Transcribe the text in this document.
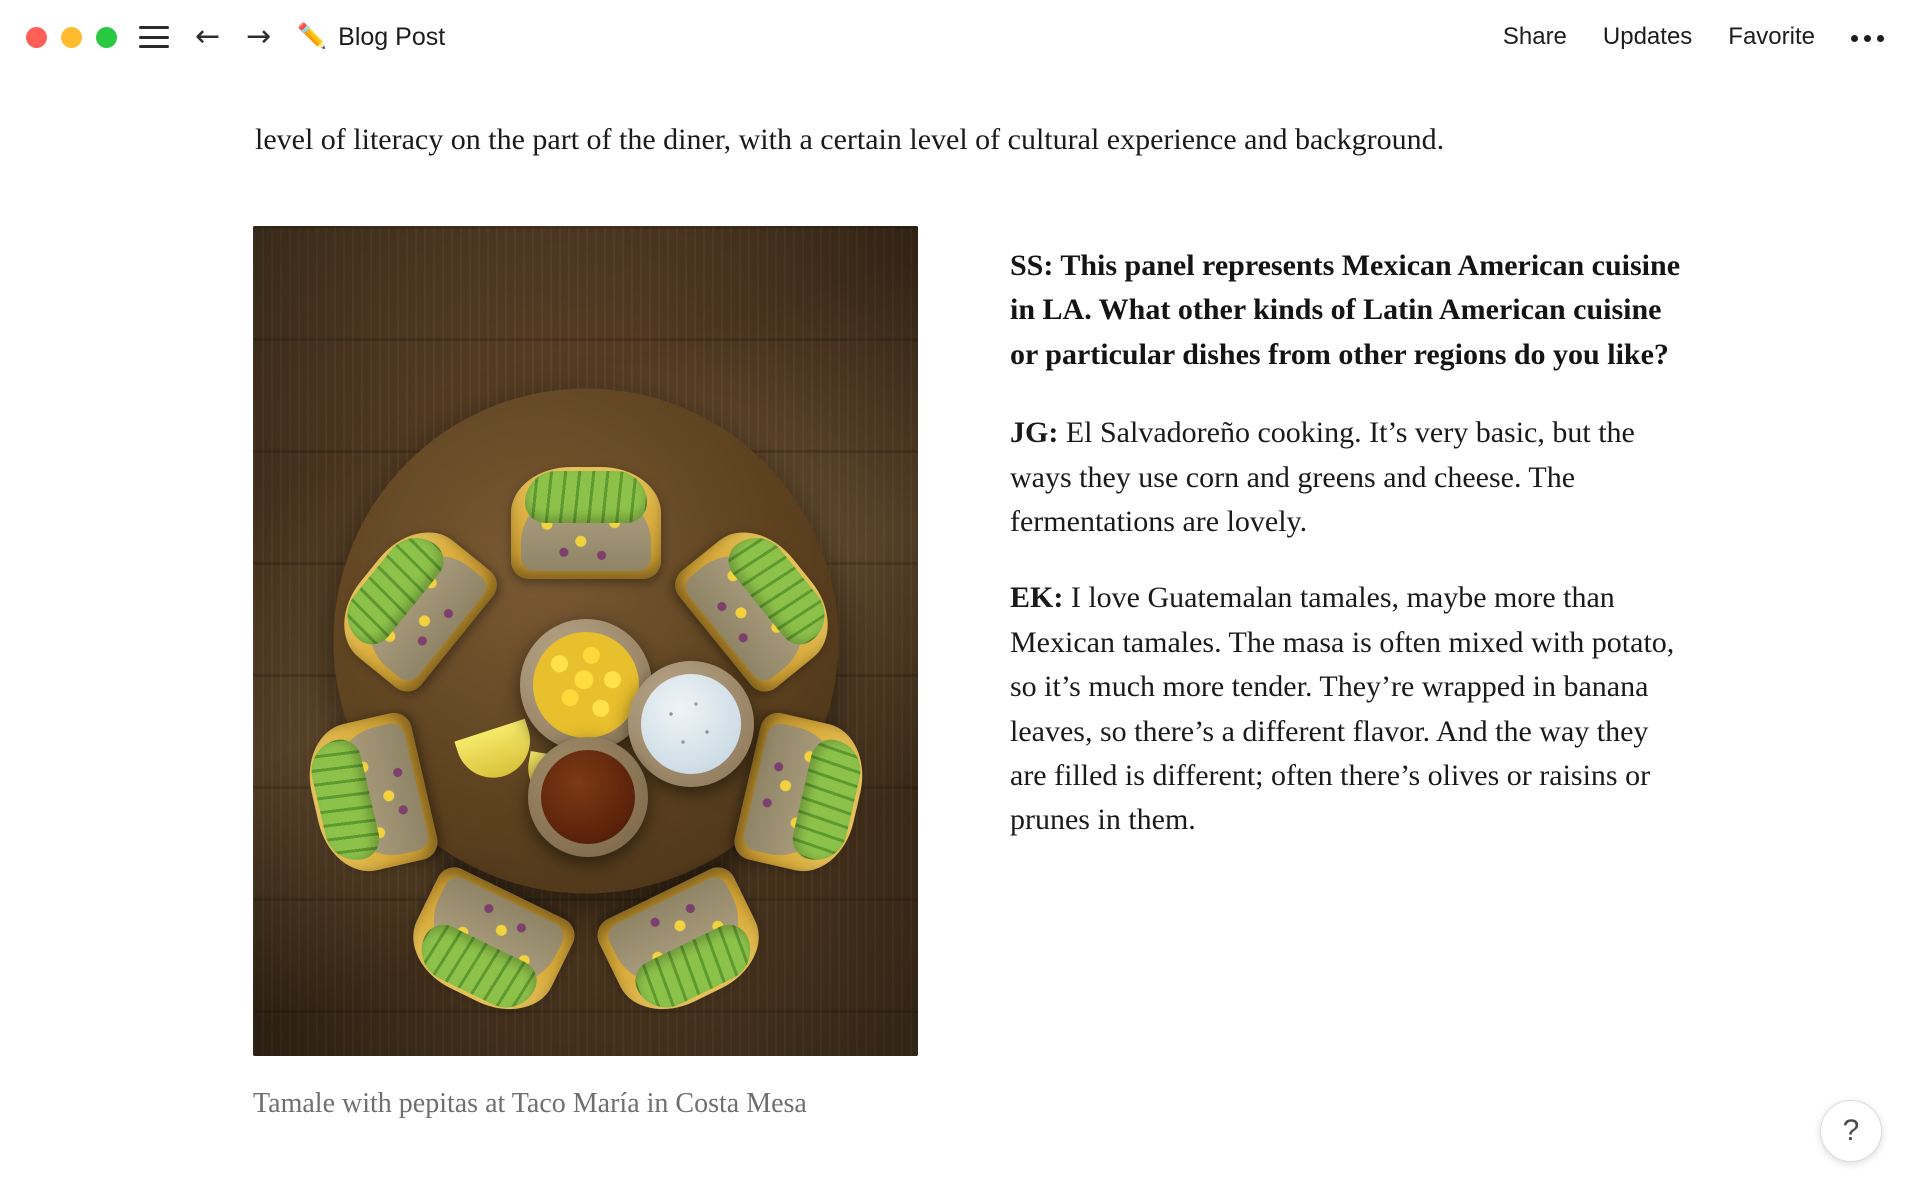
← → ✏️ Blog Post	Share Updates Favorite

level of literacy on the part of the diner, with a certain level of cultural experience and background.

Tamale with pepitas at Taco María in Costa Mesa

SS: This panel represents Mexican American cuisine in LA. What other kinds of Latin American cuisine or particular dishes from other regions do you like?

JG: El Salvadoreño cooking. It’s very basic, but the ways they use corn and greens and cheese. The fermentations are lovely.

EK: I love Guatemalan tamales, maybe more than Mexican tamales. The masa is often mixed with potato, so it’s much more tender. They’re wrapped in banana leaves, so there’s a different flavor. And the way they are filled is different; often there’s olives or raisins or prunes in them.

?
